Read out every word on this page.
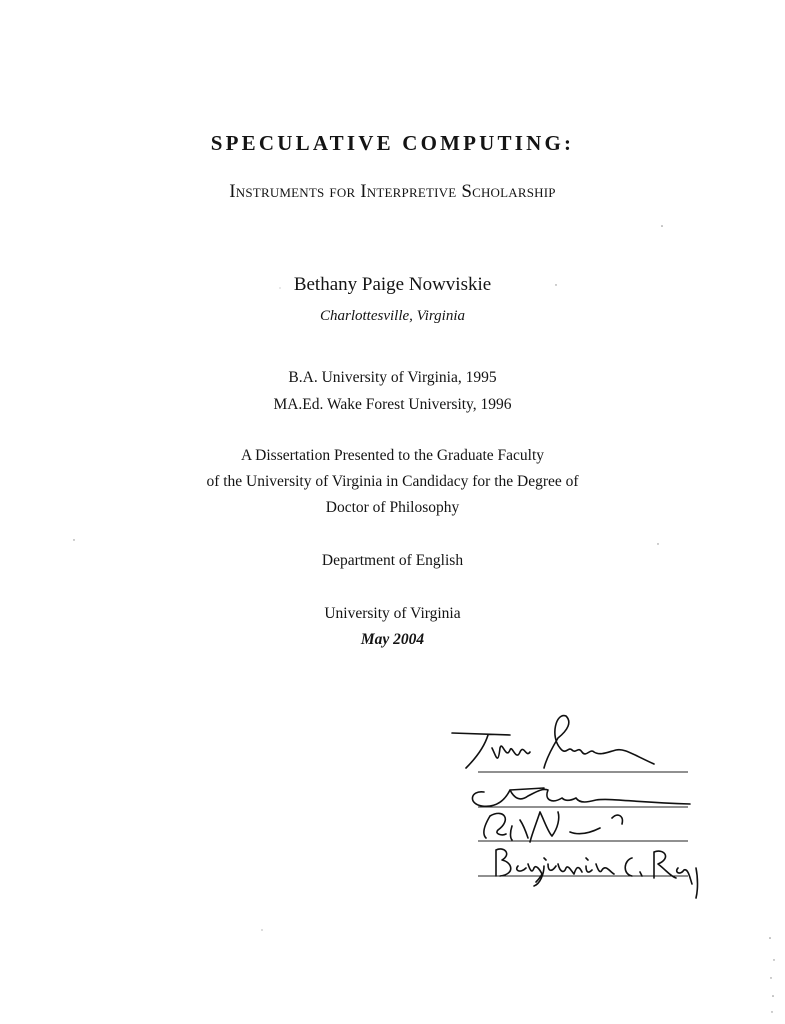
SPECULATIVE COMPUTING:
Instruments for Interpretive Scholarship
Bethany Paige Nowviskie
Charlottesville, Virginia
B.A. University of Virginia, 1995
MA.Ed. Wake Forest University, 1996
A Dissertation Presented to the Graduate Faculty
of the University of Virginia in Candidacy for the Degree of
Doctor of Philosophy
Department of English
University of Virginia
May 2004
